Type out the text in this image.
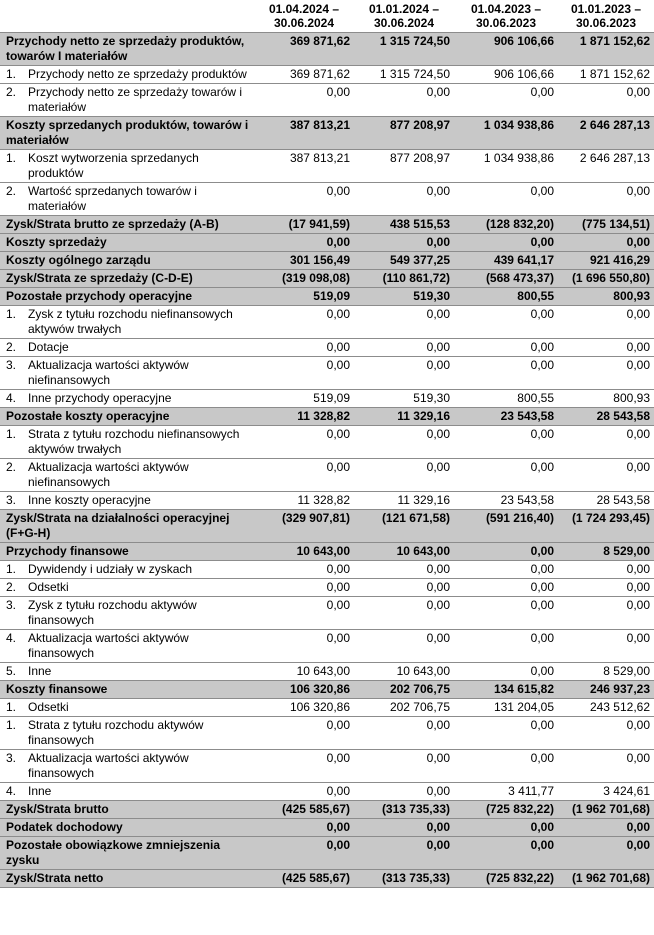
01.04.2024 –
30.06.2024
01.01.2024 –
30.06.2024
01.04.2023 –
30.06.2023
01.01.2023 –
30.06.2023
Przychody netto ze sprzedaży produktów, towarów I materiałów
369 871,62	1 315 724,50	906 106,66	1 871 152,62
1. Przychody netto ze sprzedaży produktów	369 871,62	1 315 724,50	906 106,66	1 871 152,62
2. Przychody netto ze sprzedaży towarów i materiałów
0,00	0,00	0,00	0,00
Koszty sprzedanych produktów, towarów i materiałów
387 813,21	877 208,97	1 034 938,86	2 646 287,13
1. Koszt wytworzenia sprzedanych produktów
387 813,21	877 208,97	1 034 938,86	2 646 287,13
2. Wartość sprzedanych towarów i materiałów
0,00	0,00	0,00	0,00
Zysk/Strata brutto ze sprzedaży (A-B)	(17 941,59)	438 515,53	(128 832,20)	(775 134,51)
Koszty sprzedaży	0,00	0,00	0,00	0,00
Koszty ogólnego zarządu	301 156,49	549 377,25	439 641,17	921 416,29
Zysk/Strata ze sprzedaży (C-D-E)	(319 098,08)	(110 861,72)	(568 473,37)	(1 696 550,80)
Pozostałe przychody operacyjne	519,09	519,30	800,55	800,93
1. Zysk z tytułu rozchodu niefinansowych aktywów trwałych
0,00	0,00	0,00	0,00
2. Dotacje	0,00	0,00	0,00	0,00
3. Aktualizacja wartości aktywów niefinansowych
0,00	0,00	0,00	0,00
4. Inne przychody operacyjne	519,09	519,30	800,55	800,93
Pozostałe koszty operacyjne	11 328,82	11 329,16	23 543,58	28 543,58
1. Strata z tytułu rozchodu niefinansowych aktywów trwałych
0,00	0,00	0,00	0,00
2. Aktualizacja wartości aktywów niefinansowych
0,00	0,00	0,00	0,00
3. Inne koszty operacyjne	11 328,82	11 329,16	23 543,58	28 543,58
Zysk/Strata na działalności operacyjnej (F+G-H)
(329 907,81)	(121 671,58)	(591 216,40)	(1 724 293,45)
Przychody finansowe	10 643,00	10 643,00	0,00	8 529,00
1. Dywidendy i udziały w zyskach	0,00	0,00	0,00	0,00
2. Odsetki	0,00	0,00	0,00	0,00
3. Zysk z tytułu rozchodu aktywów finansowych
0,00	0,00	0,00	0,00
4. Aktualizacja wartości aktywów finansowych
0,00	0,00	0,00	0,00
5. Inne	10 643,00	10 643,00	0,00	8 529,00
Koszty finansowe	106 320,86	202 706,75	134 615,82	246 937,23
1. Odsetki	106 320,86	202 706,75	131 204,05	243 512,62
1. Strata z tytułu rozchodu aktywów finansowych
0,00	0,00	0,00	0,00
3. Aktualizacja wartości aktywów finansowych
0,00	0,00	0,00	0,00
4. Inne	0,00	0,00	3 411,77	3 424,61
Zysk/Strata brutto	(425 585,67)	(313 735,33)	(725 832,22)	(1 962 701,68)
Podatek dochodowy	0,00	0,00	0,00	0,00
Pozostałe obowiązkowe zmniejszenia zysku
0,00	0,00	0,00	0,00
Zysk/Strata netto	(425 585,67)	(313 735,33)	(725 832,22)	(1 962 701,68)
